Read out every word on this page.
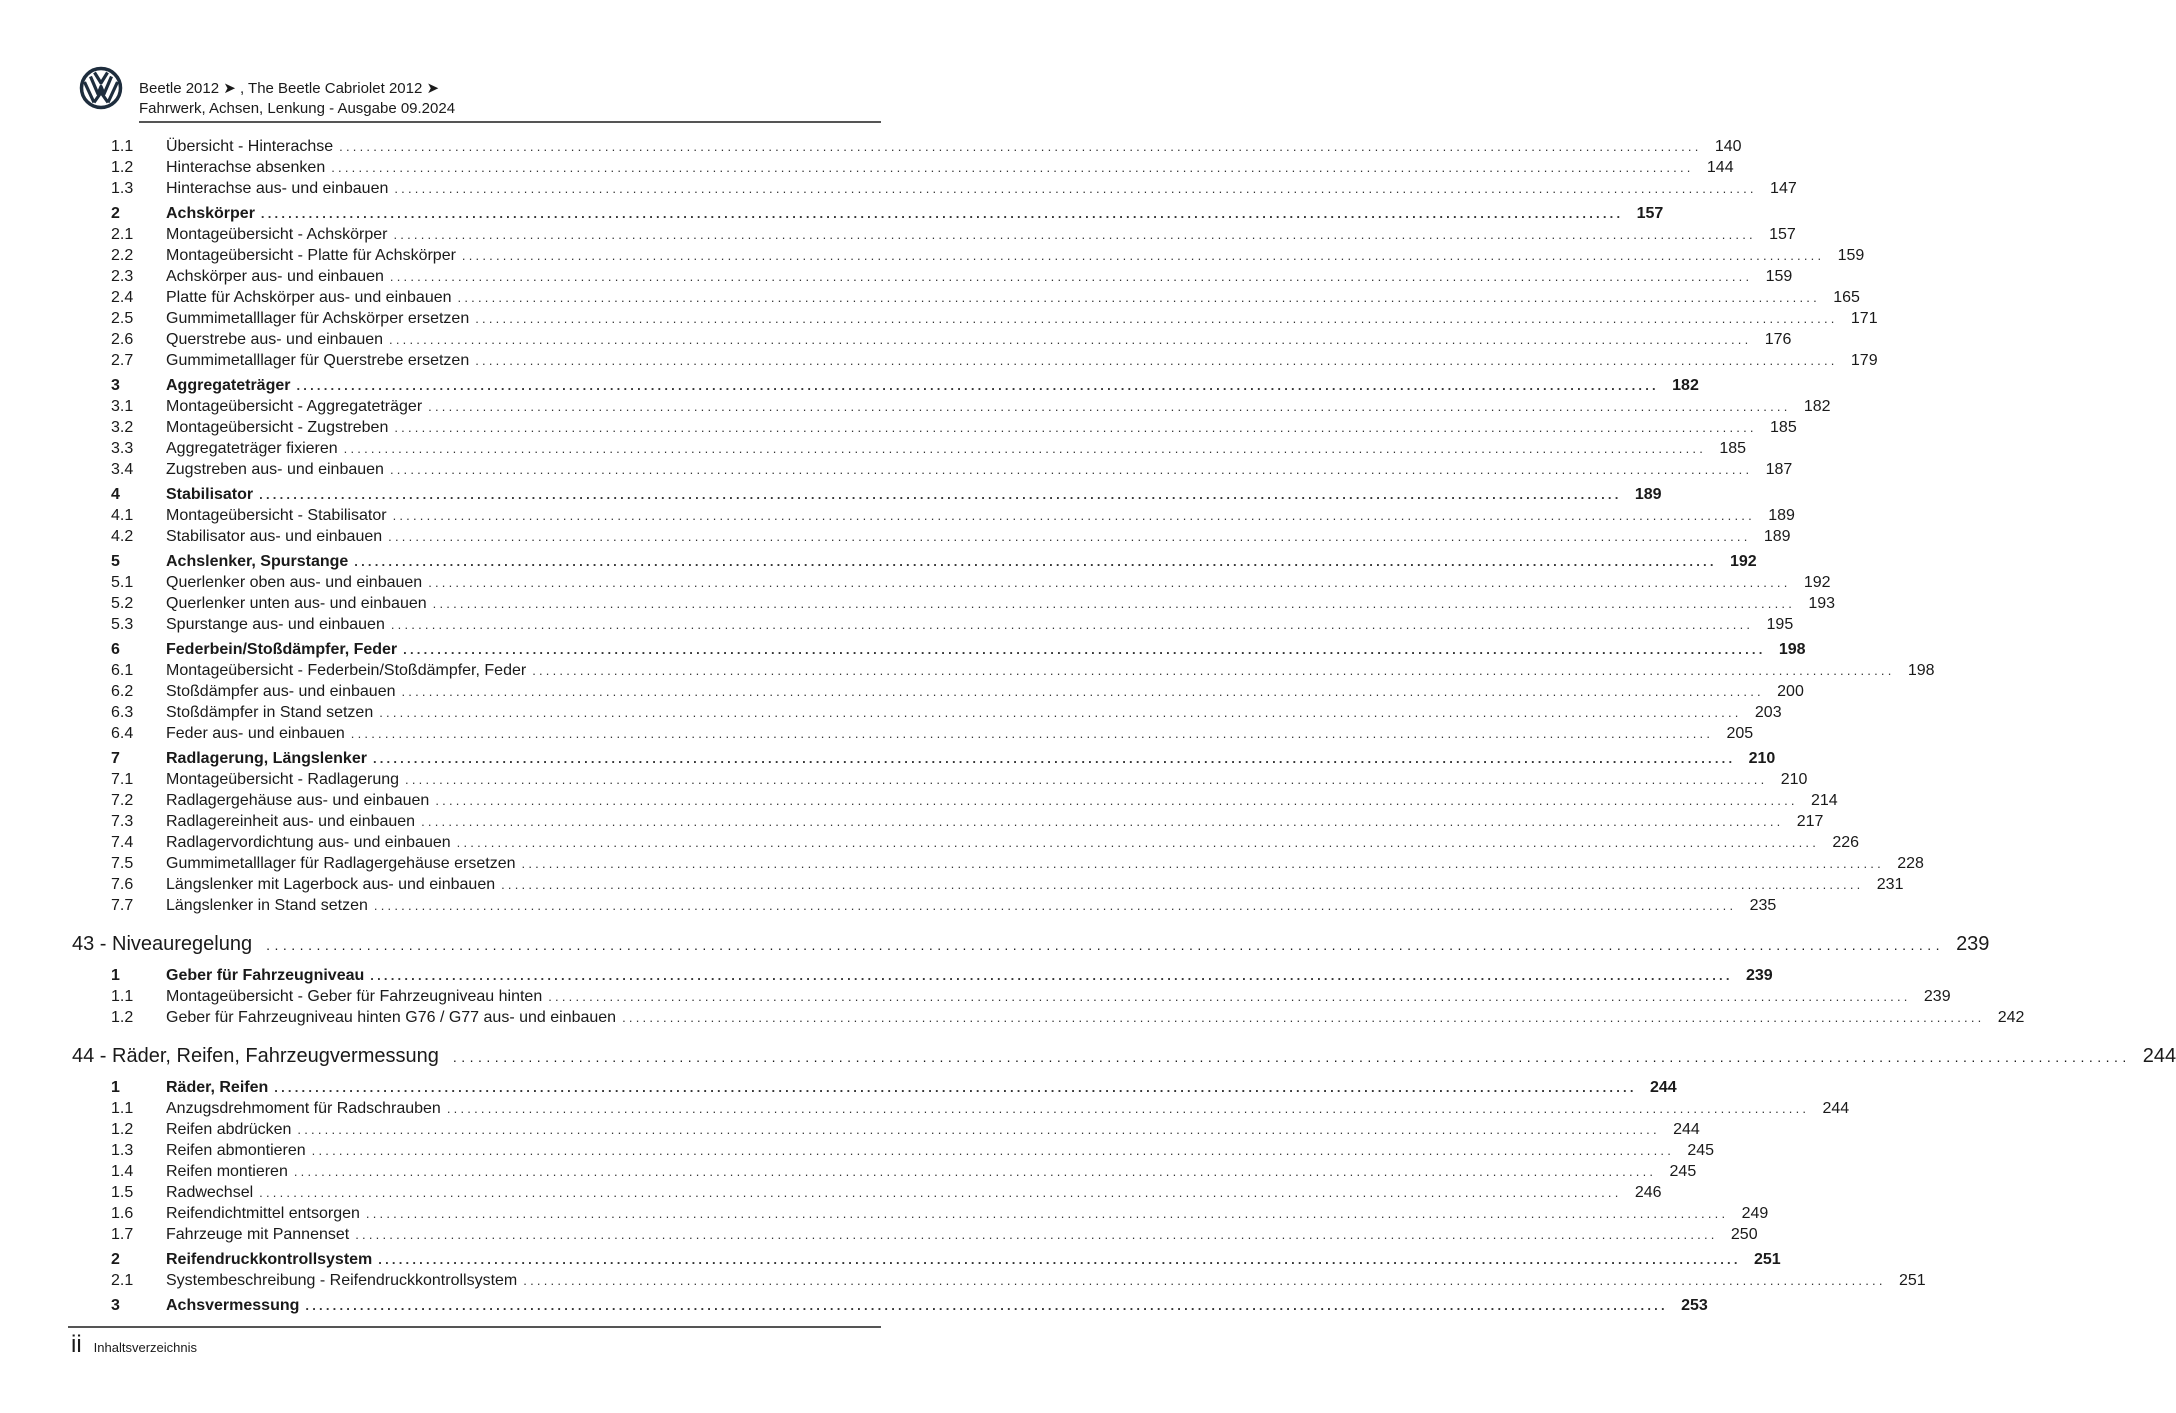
Beetle 2012 ➤ , The Beetle Cabriolet 2012 ➤
Fahrwerk, Achsen, Lenkung - Ausgabe 09.2024
1.1	Übersicht - Hinterachse ........................................................................................................................................................................................................ 140
1.2	Hinterachse absenken ........................................................................................................................................................................................................ 144
1.3	Hinterachse aus- und einbauen ........................................................................................................................................................................................................ 147
2	Achskörper ........................................................................................................................................................................................................ 157
2.1	Montageübersicht - Achskörper ........................................................................................................................................................................................................ 157
2.2	Montageübersicht - Platte für Achskörper ........................................................................................................................................................................................................ 159
2.3	Achskörper aus- und einbauen ........................................................................................................................................................................................................ 159
2.4	Platte für Achskörper aus- und einbauen ........................................................................................................................................................................................................ 165
2.5	Gummimetalllager für Achskörper ersetzen ........................................................................................................................................................................................................ 171
2.6	Querstrebe aus- und einbauen ........................................................................................................................................................................................................ 176
2.7	Gummimetalllager für Querstrebe ersetzen ........................................................................................................................................................................................................ 179
3	Aggregateträger ........................................................................................................................................................................................................ 182
3.1	Montageübersicht - Aggregateträger ........................................................................................................................................................................................................ 182
3.2	Montageübersicht - Zugstreben ........................................................................................................................................................................................................ 185
3.3	Aggregateträger fixieren ........................................................................................................................................................................................................ 185
3.4	Zugstreben aus- und einbauen ........................................................................................................................................................................................................ 187
4	Stabilisator ........................................................................................................................................................................................................ 189
4.1	Montageübersicht - Stabilisator ........................................................................................................................................................................................................ 189
4.2	Stabilisator aus- und einbauen ........................................................................................................................................................................................................ 189
5	Achslenker, Spurstange ........................................................................................................................................................................................................ 192
5.1	Querlenker oben aus- und einbauen ........................................................................................................................................................................................................ 192
5.2	Querlenker unten aus- und einbauen ........................................................................................................................................................................................................ 193
5.3	Spurstange aus- und einbauen ........................................................................................................................................................................................................ 195
6	Federbein/Stoßdämpfer, Feder ........................................................................................................................................................................................................ 198
6.1	Montageübersicht - Federbein/Stoßdämpfer, Feder ........................................................................................................................................................................................................ 198
6.2	Stoßdämpfer aus- und einbauen ........................................................................................................................................................................................................ 200
6.3	Stoßdämpfer in Stand setzen ........................................................................................................................................................................................................ 203
6.4	Feder aus- und einbauen ........................................................................................................................................................................................................ 205
7	Radlagerung, Längslenker ........................................................................................................................................................................................................ 210
7.1	Montageübersicht - Radlagerung ........................................................................................................................................................................................................ 210
7.2	Radlagergehäuse aus- und einbauen ........................................................................................................................................................................................................ 214
7.3	Radlagereinheit aus- und einbauen ........................................................................................................................................................................................................ 217
7.4	Radlagervordichtung aus- und einbauen ........................................................................................................................................................................................................ 226
7.5	Gummimetalllager für Radlagergehäuse ersetzen ........................................................................................................................................................................................................ 228
7.6	Längslenker mit Lagerbock aus- und einbauen ........................................................................................................................................................................................................ 231
7.7	Längslenker in Stand setzen ........................................................................................................................................................................................................ 235
43 - Niveauregelung ........................................................................................................................................................................................................ 239
1	Geber für Fahrzeugniveau ........................................................................................................................................................................................................ 239
1.1	Montageübersicht - Geber für Fahrzeugniveau hinten ........................................................................................................................................................................................................ 239
1.2	Geber für Fahrzeugniveau hinten G76 / G77 aus- und einbauen ........................................................................................................................................................................................................ 242
44 - Räder, Reifen, Fahrzeugvermessung ........................................................................................................................................................................................................ 244
1	Räder, Reifen ........................................................................................................................................................................................................ 244
1.1	Anzugsdrehmoment für Radschrauben ........................................................................................................................................................................................................ 244
1.2	Reifen abdrücken ........................................................................................................................................................................................................ 244
1.3	Reifen abmontieren ........................................................................................................................................................................................................ 245
1.4	Reifen montieren ........................................................................................................................................................................................................ 245
1.5	Radwechsel ........................................................................................................................................................................................................ 246
1.6	Reifendichtmittel entsorgen ........................................................................................................................................................................................................ 249
1.7	Fahrzeuge mit Pannenset ........................................................................................................................................................................................................ 250
2	Reifendruckkontrollsystem ........................................................................................................................................................................................................ 251
2.1	Systembeschreibung - Reifendruckkontrollsystem ........................................................................................................................................................................................................ 251
3	Achsvermessung ........................................................................................................................................................................................................ 253
ii Inhaltsverzeichnis
